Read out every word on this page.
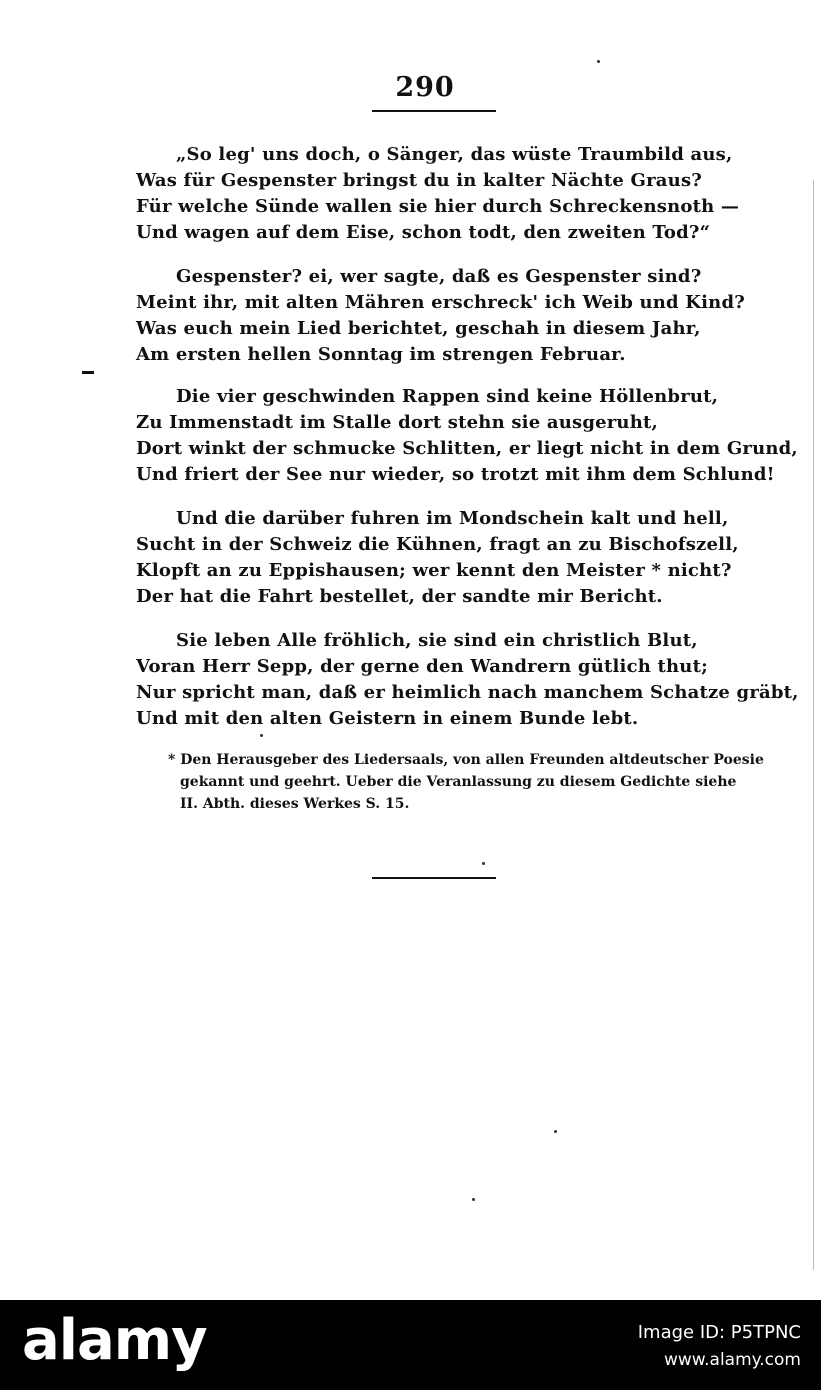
290
„So leg' uns doch, o Sänger, das wüste Traumbild aus,
Was für Gespenster bringst du in kalter Nächte Graus?
Für welche Sünde wallen sie hier durch Schreckensnoth —
Und wagen auf dem Eise, schon todt, den zweiten Tod?“
Gespenster? ei, wer sagte, daß es Gespenster sind?
Meint ihr, mit alten Mähren erschreck' ich Weib und Kind?
Was euch mein Lied berichtet, geschah in diesem Jahr,
Am ersten hellen Sonntag im strengen Februar.
Die vier geschwinden Rappen sind keine Höllenbrut,
Zu Immenstadt im Stalle dort stehn sie ausgeruht,
Dort winkt der schmucke Schlitten, er liegt nicht in dem Grund,
Und friert der See nur wieder, so trotzt mit ihm dem Schlund!
Und die darüber fuhren im Mondschein kalt und hell,
Sucht in der Schweiz die Kühnen, fragt an zu Bischofszell,
Klopft an zu Eppishausen; wer kennt den Meister * nicht?
Der hat die Fahrt bestellet, der sandte mir Bericht.
Sie leben Alle fröhlich, sie sind ein christlich Blut,
Voran Herr Sepp, der gerne den Wandrern gütlich thut;
Nur spricht man, daß er heimlich nach manchem Schatze gräbt,
Und mit den alten Geistern in einem Bunde lebt.
* Den Herausgeber des Liedersaals, von allen Freunden altdeutscher Poesie
gekannt und geehrt. Ueber die Veranlassung zu diesem Gedichte siehe
II. Abth. dieses Werkes S. 15.
alamy	Image ID: P5TPNC
www.alamy.com
